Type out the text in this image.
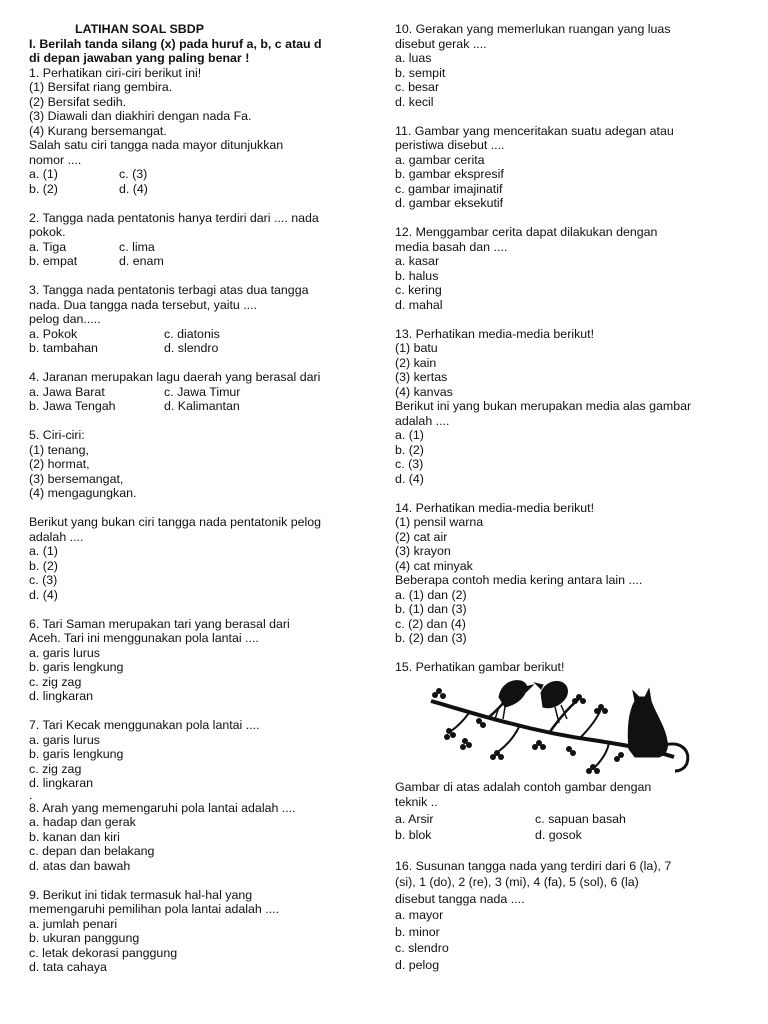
LATIHAN SOAL SBDP
I. Berilah tanda silang (x) pada huruf a, b, c atau d
di depan jawaban yang paling benar !
1. Perhatikan ciri-ciri berikut ini!
(1) Bersifat riang gembira.
(2) Bersifat sedih.
(3) Diawali dan diakhiri dengan nada Fa.
(4) Kurang bersemangat.
Salah satu ciri tangga nada mayor ditunjukkan
nomor ....
a. (1)	c. (3)
b. (2)	d. (4)
2. Tangga nada pentatonis hanya terdiri dari .... nada
pokok.
a. Tiga	c. lima
b. empat	d. enam
3. Tangga nada pentatonis terbagi atas dua tangga
nada. Dua tangga nada tersebut, yaitu ....
pelog dan.....
a. Pokok	c. diatonis
b. tambahan	d. slendro
4. Jaranan merupakan lagu daerah yang berasal dari
a. Jawa Barat	c. Jawa Timur
b. Jawa Tengah	d. Kalimantan
5. Ciri-ciri:
(1) tenang,
(2) hormat,
(3) bersemangat,
(4) mengagungkan.
Berikut yang bukan ciri tangga nada pentatonik pelog
adalah ....
a. (1)
b. (2)
c. (3)
d. (4)
6. Tari Saman merupakan tari yang berasal dari
Aceh. Tari ini menggunakan pola lantai ....
a. garis lurus
b. garis lengkung
c. zig zag
d. lingkaran
7. Tari Kecak menggunakan pola lantai ....
a. garis lurus
b. garis lengkung
c. zig zag
d. lingkaran
.
8. Arah yang memengaruhi pola lantai adalah ....
a. hadap dan gerak
b. kanan dan kiri
c. depan dan belakang
d. atas dan bawah
9. Berikut ini tidak termasuk hal-hal yang
memengaruhi pemilihan pola lantai adalah ....
a. jumlah penari
b. ukuran panggung
c. letak dekorasi panggung
d. tata cahaya
10. Gerakan yang memerlukan ruangan yang luas
disebut gerak ....
a. luas
b. sempit
c. besar
d. kecil
11. Gambar yang menceritakan suatu adegan atau
peristiwa disebut ....
a. gambar cerita
b. gambar ekspresif
c. gambar imajinatif
d. gambar eksekutif
12. Menggambar cerita dapat dilakukan dengan
media basah dan ....
a. kasar
b. halus
c. kering
d. mahal
13. Perhatikan media-media berikut!
(1) batu
(2) kain
(3) kertas
(4) kanvas
Berikut ini yang bukan merupakan media alas gambar
adalah ....
a. (1)
b. (2)
c. (3)
d. (4)
14. Perhatikan media-media berikut!
(1) pensil warna
(2) cat air
(3) krayon
(4) cat minyak
Beberapa contoh media kering antara lain ....
a. (1) dan (2)
b. (1) dan (3)
c. (2) dan (4)
b. (2) dan (3)
15. Perhatikan gambar berikut!
Gambar di atas adalah contoh gambar dengan
teknik ..
a. Arsir	c. sapuan basah
b. blok	d. gosok
16. Susunan tangga nada yang terdiri dari 6 (la), 7
(si), 1 (do), 2 (re), 3 (mi), 4 (fa), 5 (sol), 6 (la)
disebut tangga nada ....
a. mayor
b. minor
c. slendro
d. pelog
